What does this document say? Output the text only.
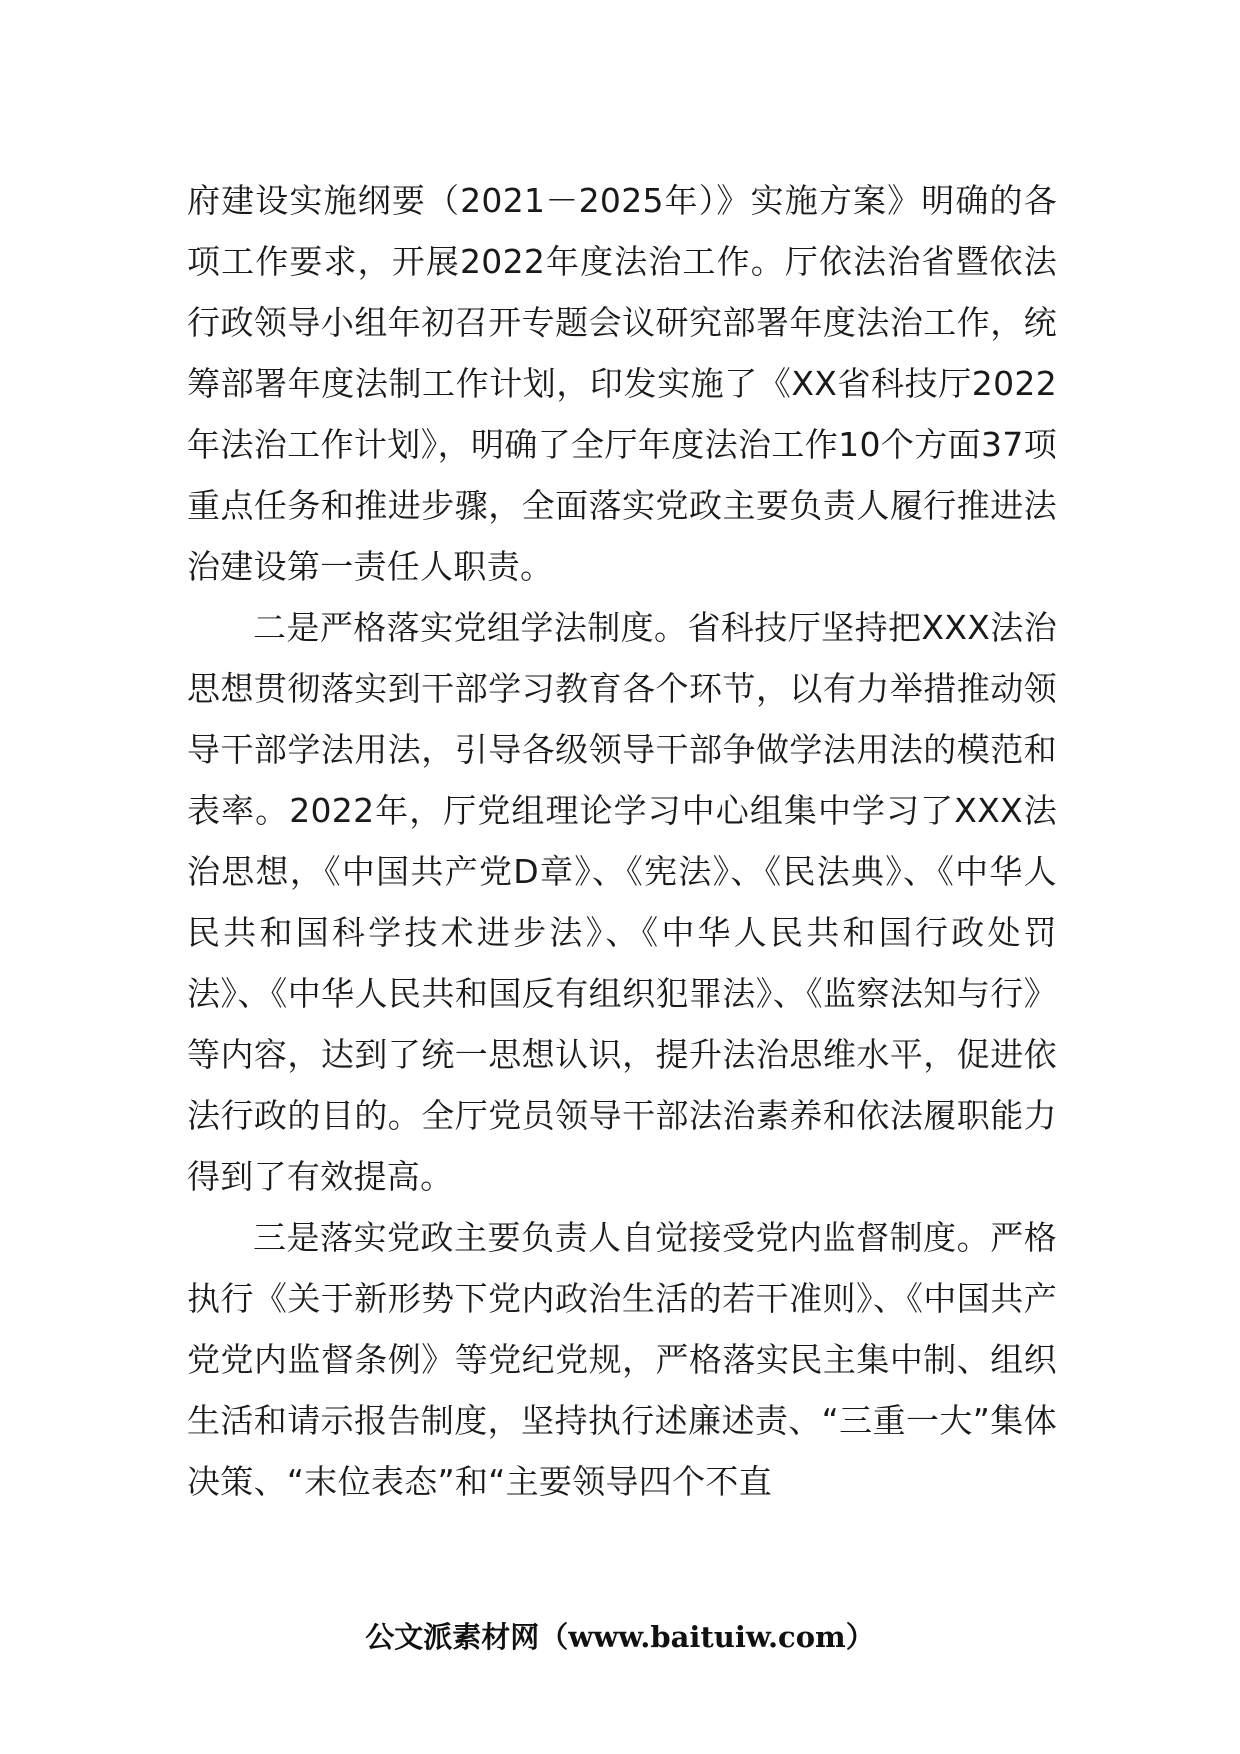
府建设实施纲要（2021－2025年）》实施方案》明确的各项工作要求，开展2022年度法治工作。厅依法治省暨依法行政领导小组年初召开专题会议研究部署年度法治工作，统筹部署年度法制工作计划，印发实施了《XX省科技厅2022年法治工作计划》，明确了全厅年度法治工作10个方面37项重点任务和推进步骤，全面落实党政主要负责人履行推进法治建设第一责任人职责。

二是严格落实党组学法制度。省科技厅坚持把XXX法治思想贯彻落实到干部学习教育各个环节，以有力举措推动领导干部学法用法，引导各级领导干部争做学法用法的模范和表率。2022年，厅党组理论学习中心组集中学习了XXX法治思想，《中国共产党D章》、《宪法》、《民法典》、《中华人民共和国科学技术进步法》、《中华人民共和国行政处罚法》、《中华人民共和国反有组织犯罪法》、《监察法知与行》等内容，达到了统一思想认识，提升法治思维水平，促进依法行政的目的。全厅党员领导干部法治素养和依法履职能力得到了有效提高。

三是落实党政主要负责人自觉接受党内监督制度。严格执行《关于新形势下党内政治生活的若干准则》、《中国共产党党内监督条例》等党纪党规，严格落实民主集中制、组织生活和请示报告制度，坚持执行述廉述责、“三重一大”集体决策、“末位表态”和“主要领导四个不直

公文派素材网（www.baituiw.com）
